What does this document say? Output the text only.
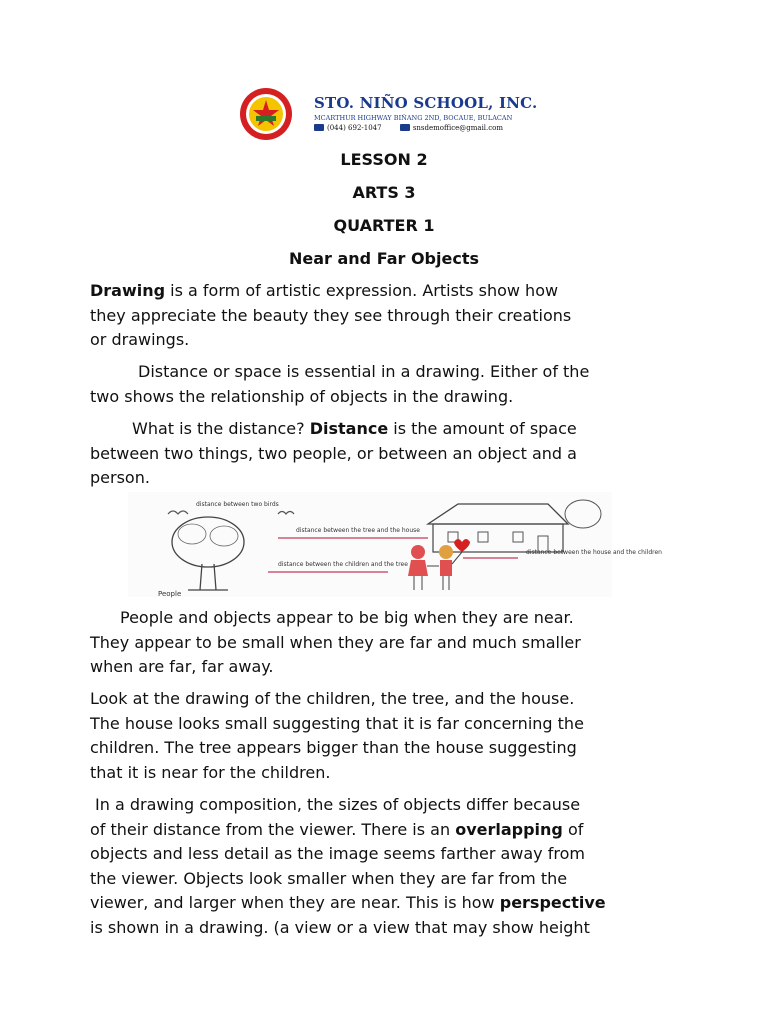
STO. NIÑO SCHOOL, INC.
MCARTHUR HIGHWAY BIÑANG 2ND, BOCAUE, BULACAN
(044) 692-1047	snsdemoffice@gmail.com
LESSON 2
ARTS 3
QUARTER 1
Near and Far Objects
Drawing is a form of artistic expression. Artists show how
they appreciate the beauty they see through their creations
or drawings.
Distance or space is essential in a drawing. Either of the
two shows the relationship of objects in the drawing.
What is the distance? Distance is the amount of space
between two things, two people, or between an object and a
person.
distance between two birds
distance between the tree and the house
distance between the children and the tree
distance between the house and the children
People
People and objects appear to be big when they are near.
They appear to be small when they are far and much smaller
when are far, far away.
Look at the drawing of the children, the tree, and the house.
The house looks small suggesting that it is far concerning the
children. The tree appears bigger than the house suggesting
that it is near for the children.
In a drawing composition, the sizes of objects differ because
of their distance from the viewer. There is an overlapping of
objects and less detail as the image seems farther away from
the viewer. Objects look smaller when they are far from the
viewer, and larger when they are near. This is how perspective
is shown in a drawing. (a view or a view that may show height
